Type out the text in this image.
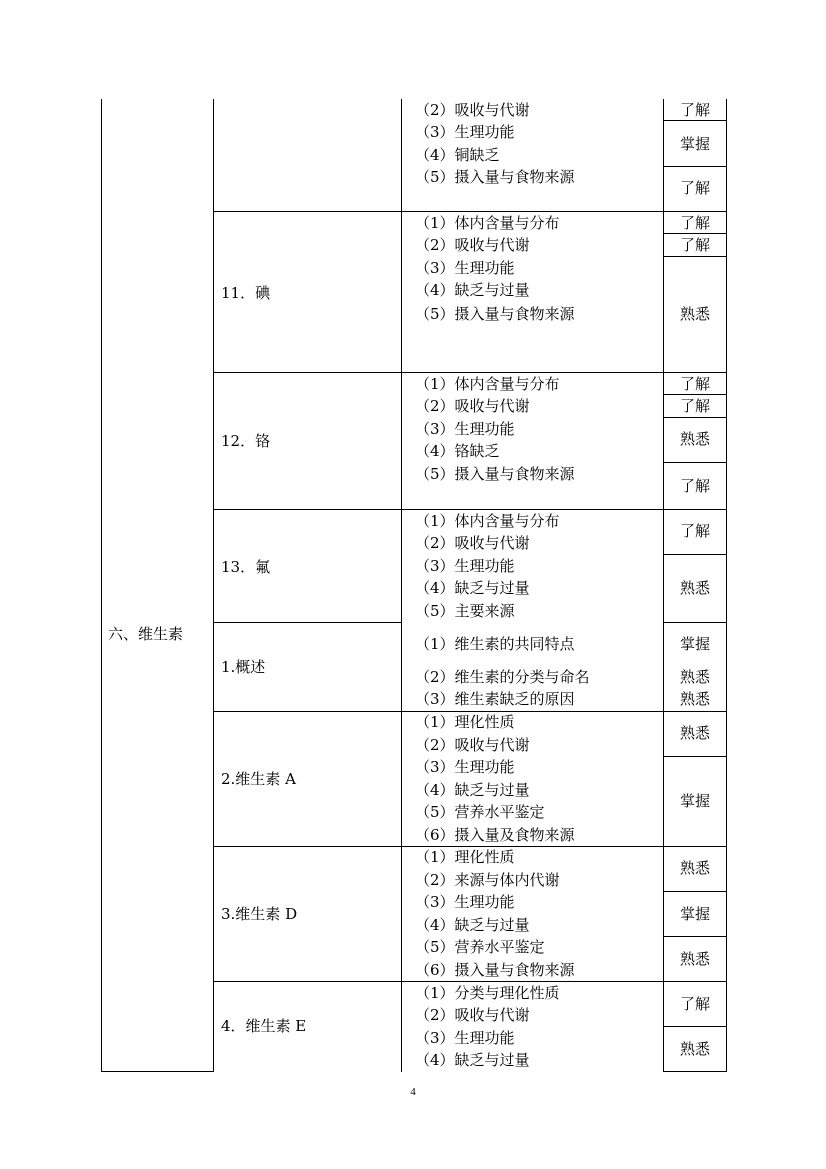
六、维生素
（2）吸收与代谢
（3）生理功能
（4）铜缺乏
（5）摄入量与食物来源
了解
掌握
了解
11．碘
（1）体内含量与分布
（2）吸收与代谢
（3）生理功能
（4）缺乏与过量
（5）摄入量与食物来源
了解
了解
熟悉
12．铬
（1）体内含量与分布
（2）吸收与代谢
（3）生理功能
（4）铬缺乏
（5）摄入量与食物来源
了解
了解
熟悉
了解
13．氟
（1）体内含量与分布
（2）吸收与代谢
（3）生理功能
（4）缺乏与过量
（5）主要来源
了解
熟悉
1.概述
（1）维生素的共同特点
（2）维生素的分类与命名
（3）维生素缺乏的原因
掌握
熟悉
熟悉
2.维生素 A
（1）理化性质
（2）吸收与代谢
（3）生理功能
（4）缺乏与过量
（5）营养水平鉴定
（6）摄入量及食物来源
熟悉
掌握
3.维生素 D
（1）理化性质
（2）来源与体内代谢
（3）生理功能
（4）缺乏与过量
（5）营养水平鉴定
（6）摄入量与食物来源
熟悉
掌握
熟悉
4．维生素 E
（1）分类与理化性质
（2）吸收与代谢
（3）生理功能
（4）缺乏与过量
了解
熟悉
4
